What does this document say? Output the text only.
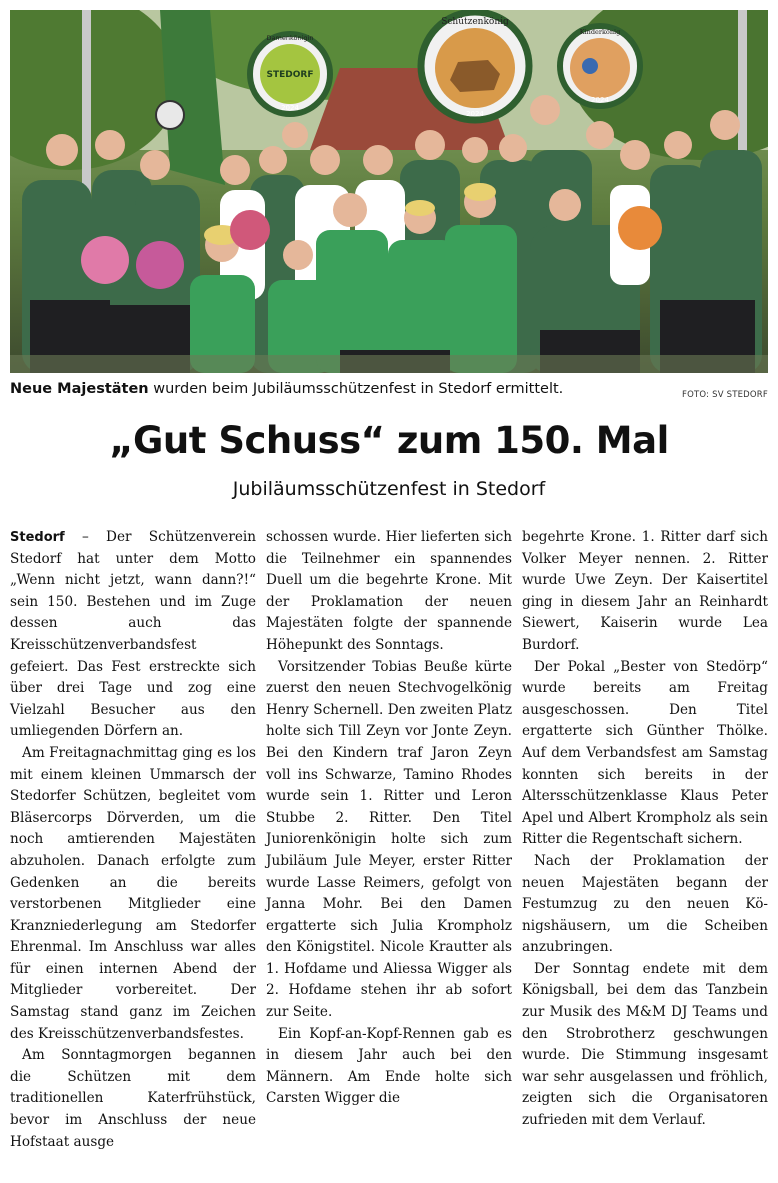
Damenkönigin
STEDORF
2024
Schützenkönig
2024
Kinderkönig
2024
Neue Majestäten wurden beim Jubiläumsschützenfest in Stedorf ermittelt.	FOTO: SV STEDORF
„Gut Schuss“ zum 150. Mal
Jubiläumsschützenfest in Stedorf

Stedorf – Der Schützenverein Stedorf hat unter dem Motto „Wenn nicht jetzt, wann dann?!“ sein 150. Bestehen und im Zuge dessen auch das Kreisschützenverbandsfest gefeiert. Das Fest erstreckte sich über drei Tage und zog eine Vielzahl Besucher aus den umliegenden Dörfern an.

Am Freitagnachmittag ging es los mit einem kleinen Ummarsch der Stedorfer Schützen, begleitet vom Bläsercorps Dörverden, um die noch amtierenden Majestäten abzuholen. Danach erfolgte zum Gedenken an die bereits verstorbenen Mitglieder eine Kranzniederlegung am Stedorfer Ehrenmal. Im Anschluss war alles für einen internen Abend der Mitglieder vorbereitet. Der Samstag stand ganz im Zeichen des Kreisschützenverbandsfestes.

Am Sonntagmorgen begannen die Schützen mit dem traditionellen Katerfrühstück, bevor im Anschluss der neue Hofstaat ausge

schossen wurde. Hier lieferten sich die Teilnehmer ein spannendes Duell um die begehrte Krone. Mit der Proklamation der neuen Majestäten folgte der spannende Höhepunkt des Sonntags.

Vorsitzender Tobias Beuße kürte zuerst den neuen Stechvogelkönig Henry Schernell. Den zweiten Platz holte sich Till Zeyn vor Jonte Zeyn. Bei den Kindern traf Jaron Zeyn voll ins Schwarze, Tamino Rhodes wurde sein 1. Ritter und Leron Stubbe 2. Ritter. Den Titel Juniorenkönigin holte sich zum Jubiläum Jule Meyer, erster Ritter wurde Lasse Reimers, gefolgt von Janna Mohr. Bei den Damen ergatterte sich Julia Krompholz den Königstitel. Nicole Krautter als 1. Hofdame und Aliessa Wigger als 2. Hofdame stehen ihr ab sofort zur Seite.

Ein Kopf-an-Kopf-Rennen gab es in diesem Jahr auch bei den Männern. Am Ende holte sich Carsten Wigger die

begehrte Krone. 1. Ritter darf sich Volker Meyer nennen. 2. Ritter wurde Uwe Zeyn. Der Kaisertitel ging in diesem Jahr an Reinhardt Siewert, Kaiserin wurde Lea Burdorf.

Der Pokal „Bester von Stedörp“ wurde bereits am Freitag ausgeschossen. Den Titel ergatterte sich Günther Thölke. Auf dem Verbandsfest am Samstag konnten sich bereits in der Altersschützenklasse Klaus Peter Apel und Albert Krompholz als sein Ritter die Regentschaft sichern.

Nach der Proklamation der neuen Majestäten begann der Festumzug zu den neuen Königshäusern, um die Scheiben anzubringen.

Der Sonntag endete mit dem Königsball, bei dem das Tanzbein zur Musik des M&M DJ Teams und den Strobrotherz geschwungen wurde. Die Stimmung insgesamt war sehr ausgelassen und fröhlich, zeigten sich die Organisatoren zufrieden mit dem Verlauf.
